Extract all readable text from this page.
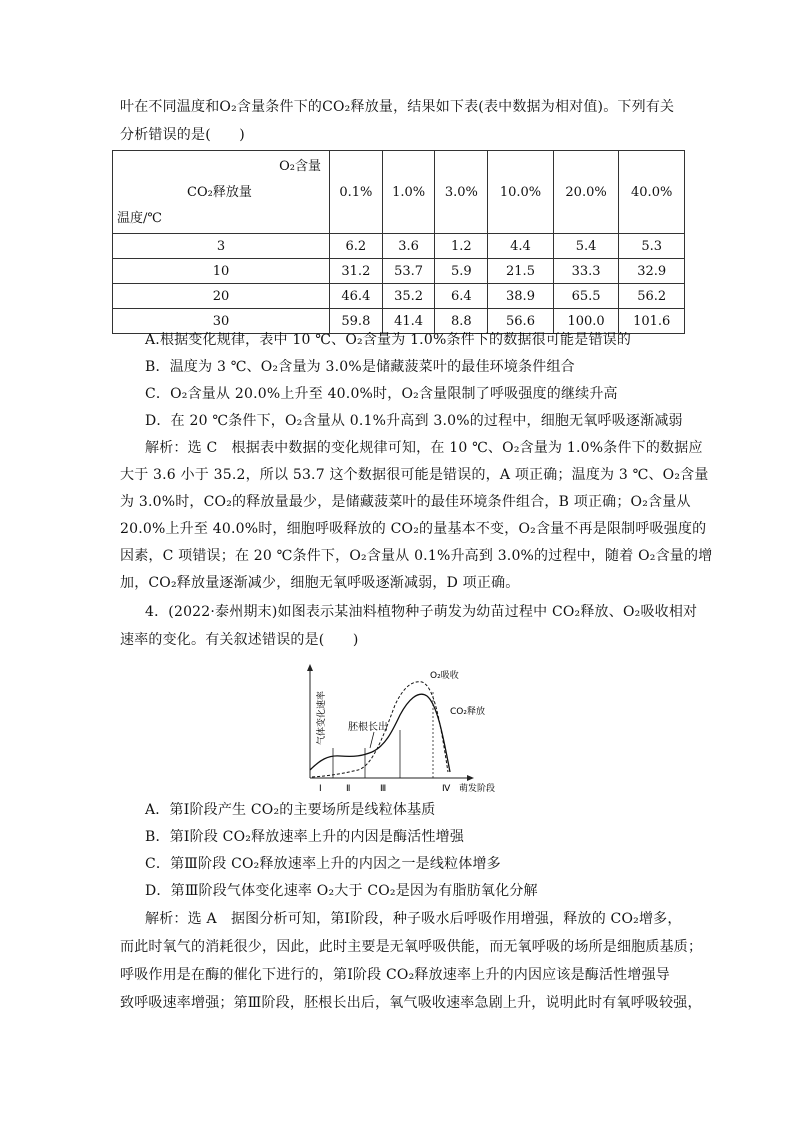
叶在不同温度和O₂含量条件下的CO₂释放量，结果如下表(表中数据为相对值)。下列有关
分析错误的是(　　)
O₂含量
CO₂释放量
温度/℃	0.1%	1.0%	3.0%	10.0%	20.0%	40.0%
3	6.2	3.6	1.2	4.4	5.4	5.3
10	31.2	53.7	5.9	21.5	33.3	32.9
20	46.4	35.2	6.4	38.9	65.5	56.2
30	59.8	41.4	8.8	56.6	100.0	101.6
A.根据变化规律，表中 10 ℃、O₂含量为 1.0%条件下的数据很可能是错误的
B．温度为 3 ℃、O₂含量为 3.0%是储藏菠菜叶的最佳环境条件组合
C．O₂含量从 20.0%上升至 40.0%时，O₂含量限制了呼吸强度的继续升高
D．在 20 ℃条件下，O₂含量从 0.1%升高到 3.0%的过程中，细胞无氧呼吸逐渐减弱
解析：选 C　根据表中数据的变化规律可知，在 10 ℃、O₂含量为 1.0%条件下的数据应
大于 3.6 小于 35.2，所以 53.7 这个数据很可能是错误的，A 项正确；温度为 3 ℃、O₂含量
为 3.0%时，CO₂的释放量最少，是储藏菠菜叶的最佳环境条件组合，B 项正确；O₂含量从
20.0%上升至 40.0%时，细胞呼吸释放的 CO₂的量基本不变，O₂含量不再是限制呼吸强度的
因素，C 项错误；在 20 ℃条件下，O₂含量从 0.1%升高到 3.0%的过程中，随着 O₂含量的增
加，CO₂释放量逐渐减少，细胞无氧呼吸逐渐减弱，D 项正确。
4．(2022·泰州期末)如图表示某油料植物种子萌发为幼苗过程中 CO₂释放、O₂吸收相对
速率的变化。有关叙述错误的是(　　)
胚根长出
O₂吸收
CO₂释放
萌发阶段
气体变化速率
Ⅰ	Ⅱ	Ⅲ	Ⅳ
A．第Ⅰ阶段产生 CO₂的主要场所是线粒体基质
B．第Ⅰ阶段 CO₂释放速率上升的内因是酶活性增强
C．第Ⅲ阶段 CO₂释放速率上升的内因之一是线粒体增多
D．第Ⅲ阶段气体变化速率 O₂大于 CO₂是因为有脂肪氧化分解
解析：选 A　据图分析可知，第Ⅰ阶段，种子吸水后呼吸作用增强，释放的 CO₂增多，
而此时氧气的消耗很少，因此，此时主要是无氧呼吸供能，而无氧呼吸的场所是细胞质基质；
呼吸作用是在酶的催化下进行的，第Ⅰ阶段 CO₂释放速率上升的内因应该是酶活性增强导
致呼吸速率增强；第Ⅲ阶段，胚根长出后，氧气吸收速率急剧上升，说明此时有氧呼吸较强，
